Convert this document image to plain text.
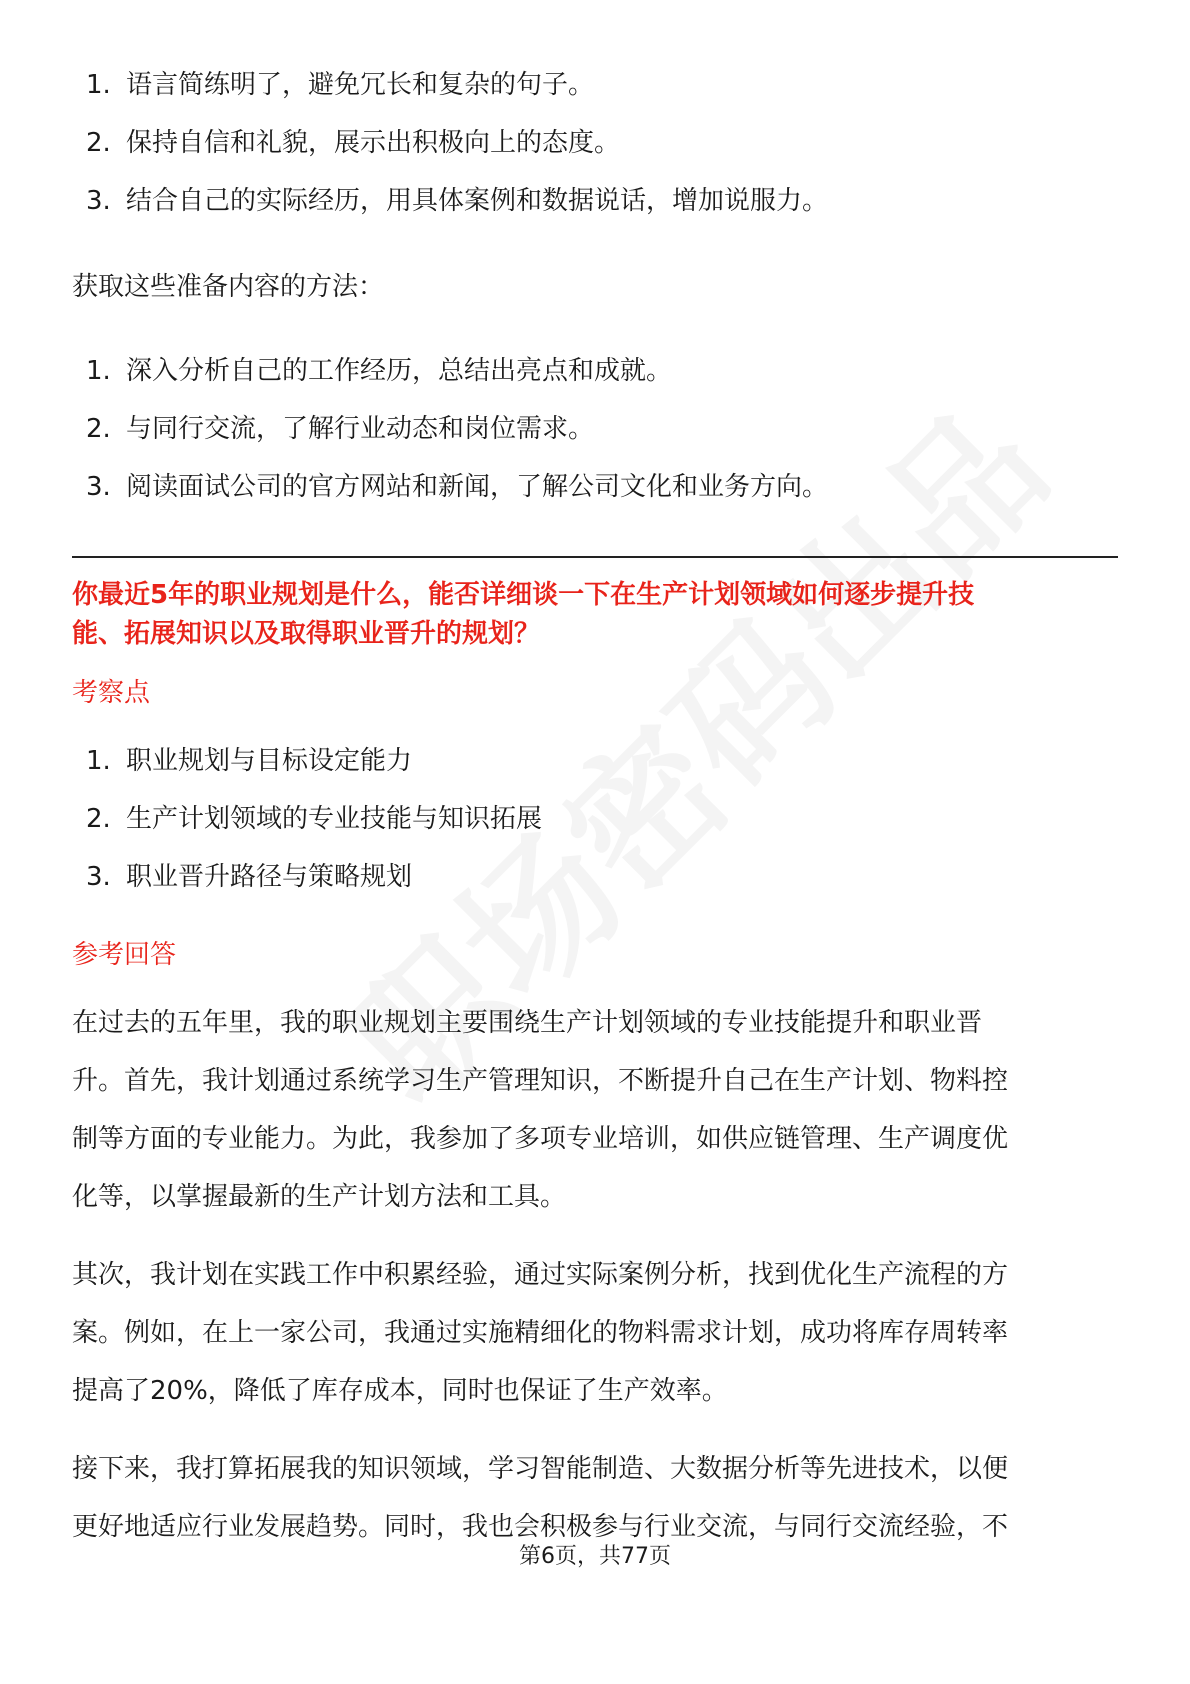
1. 语言简练明了，避免冗长和复杂的句子。
2. 保持自信和礼貌，展示出积极向上的态度。
3. 结合自己的实际经历，用具体案例和数据说话，增加说服力。

获取这些准备内容的方法：

1. 深入分析自己的工作经历，总结出亮点和成就。
2. 与同行交流，了解行业动态和岗位需求。
3. 阅读面试公司的官方网站和新闻，了解公司文化和业务方向。

你最近5年的职业规划是什么，能否详细谈一下在生产计划领域如何逐步提升技
能、拓展知识以及取得职业晋升的规划？

考察点

1. 职业规划与目标设定能力
2. 生产计划领域的专业技能与知识拓展
3. 职业晋升路径与策略规划

参考回答

在过去的五年里，我的职业规划主要围绕生产计划领域的专业技能提升和职业晋

升。首先，我计划通过系统学习生产管理知识，不断提升自己在生产计划、物料控

制等方面的专业能力。为此，我参加了多项专业培训，如供应链管理、生产调度优

化等，以掌握最新的生产计划方法和工具。

其次，我计划在实践工作中积累经验，通过实际案例分析，找到优化生产流程的方

案。例如，在上一家公司，我通过实施精细化的物料需求计划，成功将库存周转率

提高了20%，降低了库存成本，同时也保证了生产效率。

接下来，我打算拓展我的知识领域，学习智能制造、大数据分析等先进技术，以便

更好地适应行业发展趋势。同时，我也会积极参与行业交流，与同行交流经验，不

第6页，共77页
